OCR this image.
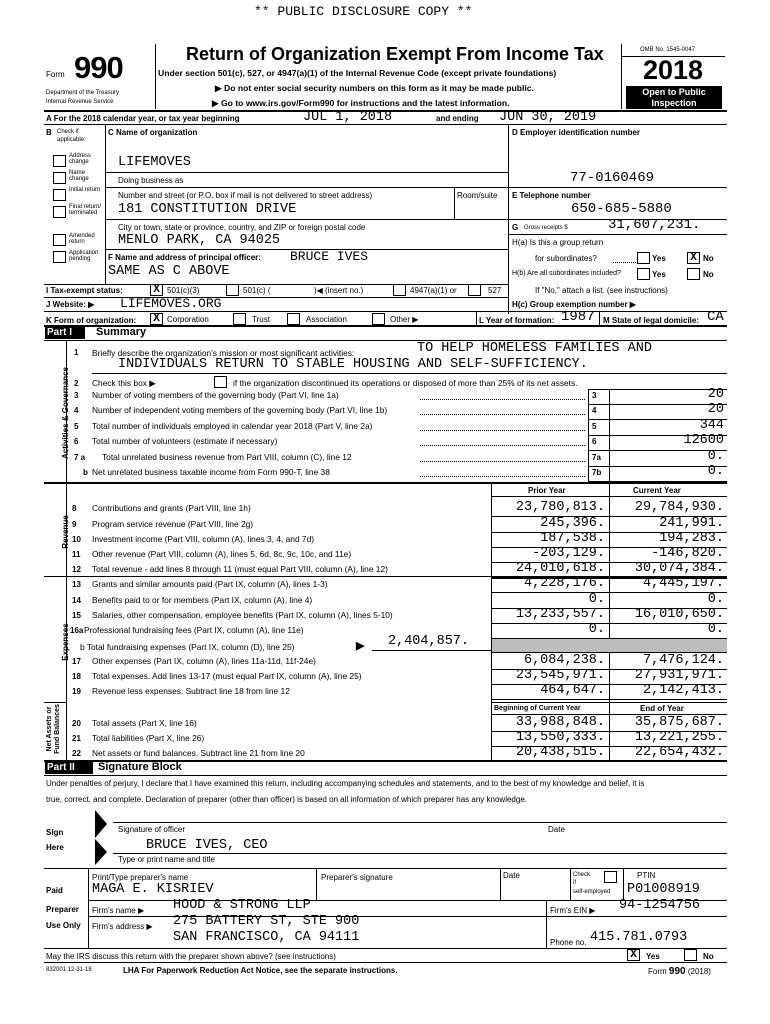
** PUBLIC DISCLOSURE COPY **
Form 990
Department of the Treasury
Internal Revenue Service
Return of Organization Exempt From Income Tax
Under section 501(c), 527, or 4947(a)(1) of the Internal Revenue Code (except private foundations)
▶ Do not enter social security numbers on this form as it may be made public.
▶ Go to www.irs.gov/Form990 for instructions and the latest information.
OMB No. 1545-0047
2018
Open to Public
Inspection
A For the 2018 calendar year, or tax year beginning	JUL 1, 2018	and ending JUN 30, 2019
B Check if
applicable:
Address change
Name change
Initial return
Final return/ terminated
Amended return
Application pending
C Name of organization
LIFEMOVES
Doing business as
Number and street (or P.O. box if mail is not delivered to street address)	Room/suite
181 CONSTITUTION DRIVE
City or town, state or province, country, and ZIP or foreign postal code
MENLO PARK, CA 94025
F Name and address of principal officer: BRUCE IVES
SAME AS C ABOVE
D Employer identification number
77-0160469
E Telephone number
650-685-5880
G Gross receipts $	31,607,231.
H(a) Is this a group return
for subordinates?	Yes X No
H(b) Are all subordinates included?	Yes	No
If "No," attach a list. (see instructions)
I Tax-exempt status:	X 501(c)(3)	501(c) (	)◀ (insert no.)	4947(a)(1) or	527
J Website: ▶ LIFEMOVES.ORG	H(c) Group exemption number ▶
K Form of organization: X Corporation	Trust	Association	Other ▶	L Year of formation: 1987 M State of legal domicile: CA
Part I	Summary
Activities & Governance
Revenue
Expenses
Net Assets or Fund Balances
1 Briefly describe the organization's mission or most significant activities:	TO HELP HOMELESS FAMILIES AND
INDIVIDUALS RETURN TO STABLE HOUSING AND SELF-SUFFICIENCY.
2 Check this box ▶	if the organization discontinued its operations or disposed of more than 25% of its net assets.
3 Number of voting members of the governing body (Part VI, line 1a)	3	20
4 Number of independent voting members of the governing body (Part VI, line 1b)	4	20
5 Total number of individuals employed in calendar year 2018 (Part V, line 2a)	5	344
6 Total number of volunteers (estimate if necessary)	6	12600
7 a Total unrelated business revenue from Part VIII, column (C), line 12	7a	0.
b Net unrelated business taxable income from Form 990-T, line 38	7b	0.
Prior Year	Current Year
8 Contributions and grants (Part VIII, line 1h)	23,780,813.	29,784,930.
9 Program service revenue (Part VIII, line 2g)	245,396.	241,991.
10 Investment income (Part VIII, column (A), lines 3, 4, and 7d)	187,538.	194,283.
11 Other revenue (Part VIII, column (A), lines 5, 6d, 8c, 9c, 10c, and 11e)	-203,129.	-146,820.
12 Total revenue - add lines 8 through 11 (must equal Part VIII, column (A), line 12)	24,010,618.	30,074,384.
13 Grants and similar amounts paid (Part IX, column (A), lines 1-3)	4,228,176.	4,445,197.
14 Benefits paid to or for members (Part IX, column (A), line 4)	0.	0.
15 Salaries, other compensation, employee benefits (Part IX, column (A), lines 5-10)	13,233,557.	16,010,650.
16a Professional fundraising fees (Part IX, column (A), line 11e)	0.	0.
b Total fundraising expenses (Part IX, column (D), line 25)	▶ 2,404,857.
17 Other expenses (Part IX, column (A), lines 11a-11d, 11f-24e)	6,084,238.	7,476,124.
18 Total expenses. Add lines 13-17 (must equal Part IX, column (A), line 25)	23,545,971.	27,931,971.
19 Revenue less expenses. Subtract line 18 from line 12	464,647.	2,142,413.
Beginning of Current Year	End of Year
20 Total assets (Part X, line 16)	33,988,848.	35,875,687.
21 Total liabilities (Part X, line 26)	13,550,333.	13,221,255.
22 Net assets or fund balances. Subtract line 21 from line 20	20,438,515.	22,654,432.
Part II	Signature Block
Under penalties of perjury, I declare that I have examined this return, including accompanying schedules and statements, and to the best of my knowledge and belief, it is
true, correct, and complete. Declaration of preparer (other than officer) is based on all information of which preparer has any knowledge.
Sign
Here
Signature of officer	Date
BRUCE IVES, CEO
Type or print name and title
Paid
Preparer
Use Only
Print/Type preparer's name	Preparer's signature	Date	Check
if
self-employed
PTIN
MAGA E. KISRIEV	P01008919
Firm's name ▶ HOOD & STRONG LLP	Firm's EIN ▶ 94-1254756
Firm's address ▶ 275 BATTERY ST, STE 900
SAN FRANCISCO, CA 94111	Phone no. 415.781.0793
May the IRS discuss this return with the preparer shown above? (see instructions)	X	Yes	No
832001 12-31-18	LHA For Paperwork Reduction Act Notice, see the separate instructions.	Form 990 (2018)
